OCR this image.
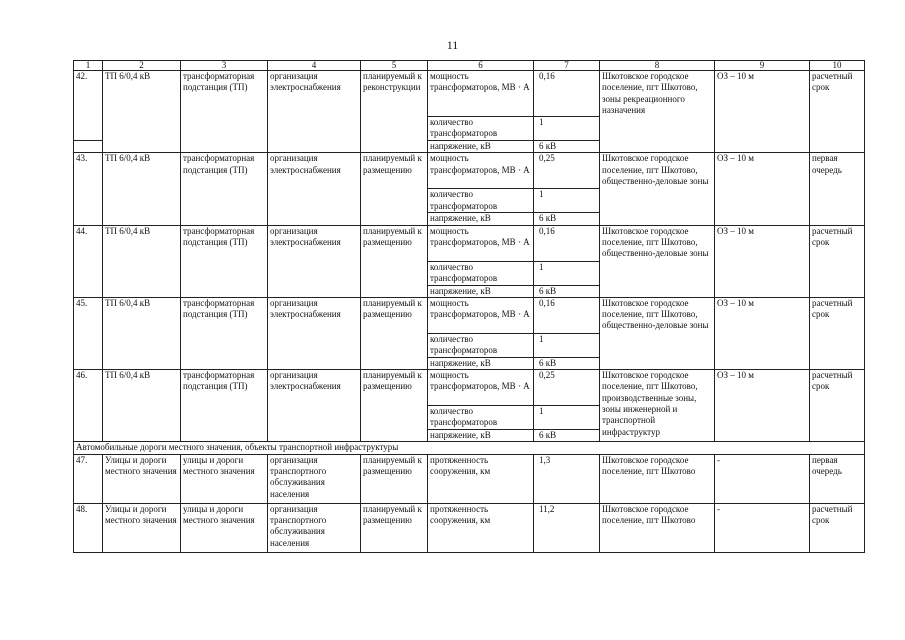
11
1	2	3	4	5	6	7	8	9	10
42.	ТП 6/0,4 кВ	трансформаторная подстанция (ТП)	организация электроснабжения	планируемый к реконструкции	мощность трансформаторов, МВ · А	0,16	Шкотовское городское поселение, пгт Шкотово, зоны рекреационного назначения	ОЗ – 10 м	расчетный срок
					количество трансформаторов	1			
					напряжение, кВ	6 кВ			
43.	ТП 6/0,4 кВ	трансформаторная подстанция (ТП)	организация электроснабжения	планируемый к размещению	мощность трансформаторов, МВ · А	0,25	Шкотовское городское поселение, пгт Шкотово, общественно-деловые зоны	ОЗ – 10 м	первая очередь
					количество трансформаторов	1			
					напряжение, кВ	6 кВ			
44.	ТП 6/0,4 кВ	трансформаторная подстанция (ТП)	организация электроснабжения	планируемый к размещению	мощность трансформаторов, МВ · А	0,16	Шкотовское городское поселение, пгт Шкотово, общественно-деловые зоны	ОЗ – 10 м	расчетный срок
					количество трансформаторов	1			
					напряжение, кВ	6 кВ			
45.	ТП 6/0,4 кВ	трансформаторная подстанция (ТП)	организация электроснабжения	планируемый к размещению	мощность трансформаторов, МВ · А	0,16	Шкотовское городское поселение, пгт Шкотово, общественно-деловые зоны	ОЗ – 10 м	расчетный срок
					количество трансформаторов	1			
					напряжение, кВ	6 кВ			
46.	ТП 6/0,4 кВ	трансформаторная подстанция (ТП)	организация электроснабжения	планируемый к размещению	мощность трансформаторов, МВ · А	0,25	Шкотовское городское поселение, пгт Шкотово, производственные зоны, зоны инженерной и транспортной инфраструктур	ОЗ – 10 м	расчетный срок
					количество трансформаторов	1			
					напряжение, кВ	6 кВ			
Автомобильные дороги местного значения, объекты транспортной инфраструктуры									
47.	Улицы и дороги местного значения	улицы и дороги местного значения	организация транспортного обслуживания населения	планируемый к размещению	протяженность сооружения, км	1,3	Шкотовское городское поселение, пгт Шкотово	-	первая очередь
48.	Улицы и дороги местного значения	улицы и дороги местного значения	организация транспортного обслуживания населения	планируемый к размещению	протяженность сооружения, км	11,2	Шкотовское городское поселение, пгт Шкотово	-	расчетный срок
